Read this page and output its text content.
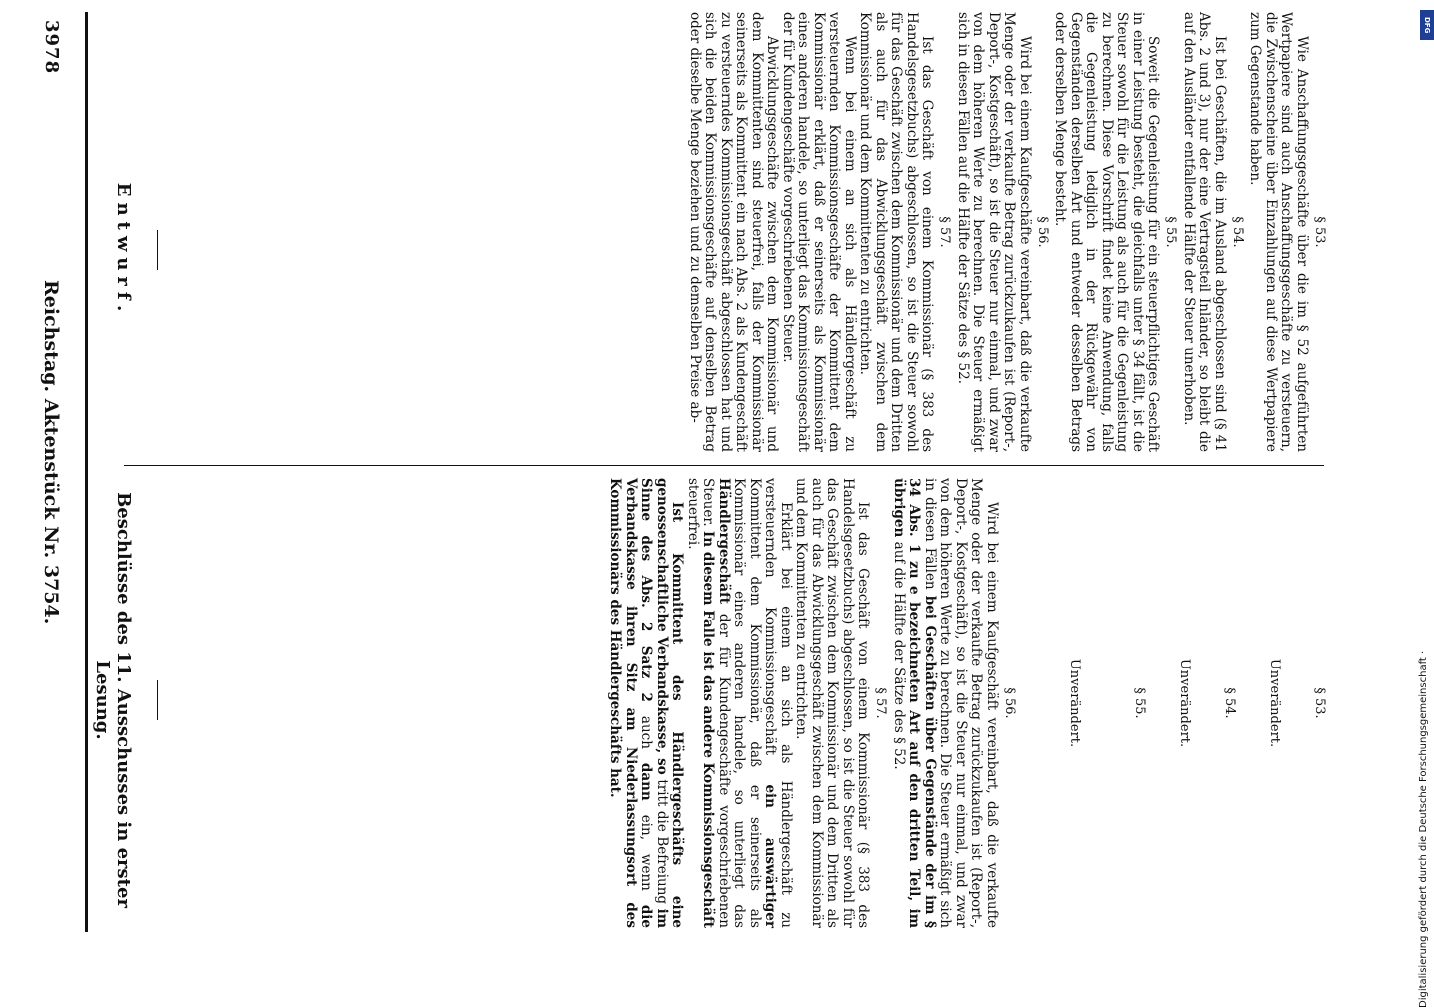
3978
Reichstag. Aktenstück Nr. 3754.
Entwurf.
Beschlüsse des 11. Ausschusses in erster Lesung.
§ 53.

Wie Anschaffungsgeschäfte über die im § 52 aufgeführten Wertpapiere sind auch Anschaffungsgeschäfte zu versteuern, die Zwischenscheine über Einzahlungen auf diese Wertpapiere zum Gegenstande haben.

§ 54.

Ist bei Geschäften, die im Ausland abgeschlossen sind (§ 41 Abs. 2 und 3), nur der eine Vertragsteil Inländer, so bleibt die auf den Ausländer entfallende Hälfte der Steuer unerhoben.

§ 55.

Soweit die Gegenleistung für ein steuerpflichtiges Geschäft in einer Leistung besteht, die gleichfalls unter § 34 fällt, ist die Steuer sowohl für die Leistung als auch für die Gegenleistung zu berechnen. Diese Vorschrift findet keine Anwendung, falls die Gegenleistung lediglich in der Rückgewähr von Gegenständen derselben Art und entweder desselben Betrags oder derselben Menge besteht.

§ 56.

Wird bei einem Kaufgeschäfte vereinbart, daß die verkaufte Menge oder der verkaufte Betrag zurückzukaufen ist (Report-, Deport-, Kostgeschäft), so ist die Steuer nur einmal, und zwar von dem höheren Werte zu berechnen. Die Steuer ermäßigt sich in diesen Fällen auf die Hälfte der Sätze des § 52.

§ 57.

Ist das Geschäft von einem Kommissionär (§ 383 des Handelsgesetzbuchs) abgeschlossen, so ist die Steuer sowohl für das Geschäft zwischen dem Kommissionär und dem Dritten als auch für das Abwicklungsgeschäft zwischen dem Kommissionär und dem Kommittenten zu entrichten.

Wenn bei einem an sich als Händlergeschäft zu versteuernden Kommissionsgeschäfte der Kommittent dem Kommissionär erklärt, daß er seinerseits als Kommissionär eines anderen handele, so unterliegt das Kommissionsgeschäft der für Kundengeschäfte vorgeschriebenen Steuer.

Abwicklungsgeschäfte zwischen dem Kommissionär und dem Kommittenten sind steuerfrei, falls der Kommissionär seinerseits als Kommittent ein nach Abs. 2 als Kundengeschäft zu versteuerndes Kommissionsgeschäft abgeschlossen hat und sich die beiden Kommissionsgeschäfte auf denselben Betrag oder dieselbe Menge beziehen und zu demselben Preise ab-

§ 53.
Unverändert.
§ 54.
Unverändert.
§ 55.
Unverändert.
§ 56.

Wird bei einem Kaufgeschäft vereinbart, daß die verkaufte Menge oder der verkaufte Betrag zurückzukaufen ist (Report-, Deport-, Kostgeschäft), so ist die Steuer nur einmal, und zwar von dem höheren Werte zu berechnen. Die Steuer ermäßigt sich in diesen Fällen bei Geschäften über Gegenstände der im § 34 Abs. 1 zu e bezeichneten Art auf den dritten Teil, im übrigen auf die Hälfte der Sätze des § 52.

§ 57.

Ist das Geschäft von einem Kommissionär (§ 383 des Handelsgesetzbuchs) abgeschlossen, so ist die Steuer sowohl für das Geschäft zwischen dem Kommissionär und dem Dritten als auch für das Abwicklungsgeschäft zwischen dem Kommissionär und dem Kommittenten zu entrichten.

Erklärt bei einem an sich als Händlergeschäft zu versteuernden Kommissionsgeschäft ein auswärtiger Kommittent dem Kommissionär, daß er seinerseits als Kommissionär eines anderen handele, so unterliegt das Händlergeschäft der für Kundengeschäfte vorgeschriebenen Steuer. In diesem Falle ist das andere Kommissionsgeschäft steuerfrei.

Ist Kommittent des Händlergeschäfts eine genossenschaftliche Verbandskasse, so tritt die Befreiung im Sinne des Abs. 2 Satz 2 auch dann ein, wenn die Verbandskasse ihren Sitz am Niederlassungsort des Kommissionärs des Händlergeschäfts hat.

DFG
Digitalisierung gefördert durch die Deutsche Forschungsgemeinschaft ·
